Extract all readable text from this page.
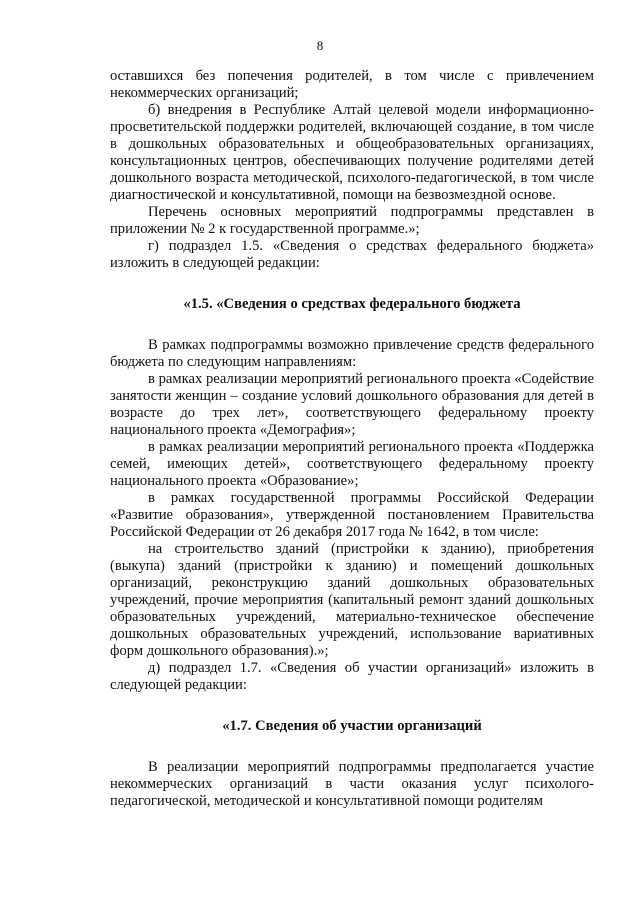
8

оставшихся без попечения родителей, в том числе с привлечением некоммерческих организаций;

б) внедрения в Республике Алтай целевой модели информационно-просветительской поддержки родителей, включающей создание, в том числе в дошкольных образовательных и общеобразовательных организациях, консультационных центров, обеспечивающих получение родителями детей дошкольного возраста методической, психолого-педагогической, в том числе диагностической и консультативной, помощи на безвозмездной основе.

Перечень основных мероприятий подпрограммы представлен в приложении № 2 к государственной программе.»;

г) подраздел 1.5. «Сведения о средствах федерального бюджета» изложить в следующей редакции:

«1.5. «Сведения о средствах федерального бюджета

В рамках подпрограммы возможно привлечение средств федерального бюджета по следующим направлениям:

в рамках реализации мероприятий регионального проекта «Содействие занятости женщин – создание условий дошкольного образования для детей в возрасте до трех лет», соответствующего федеральному проекту национального проекта «Демография»;

в рамках реализации мероприятий регионального проекта «Поддержка семей, имеющих детей», соответствующего федеральному проекту национального проекта «Образование»;

в рамках государственной программы Российской Федерации «Развитие образования», утвержденной постановлением Правительства Российской Федерации от 26 декабря 2017 года № 1642, в том числе:

на строительство зданий (пристройки к зданию), приобретения (выкупа) зданий (пристройки к зданию) и помещений дошкольных организаций, реконструкцию зданий дошкольных образовательных учреждений, прочие мероприятия (капитальный ремонт зданий дошкольных образовательных учреждений, материально-техническое обеспечение дошкольных образовательных учреждений, использование вариативных форм дошкольного образования).»;

д) подраздел 1.7. «Сведения об участии организаций» изложить в следующей редакции:

«1.7. Сведения об участии организаций

В реализации мероприятий подпрограммы предполагается участие некоммерческих организаций в части оказания услуг психолого-педагогической, методической и консультативной помощи родителям
